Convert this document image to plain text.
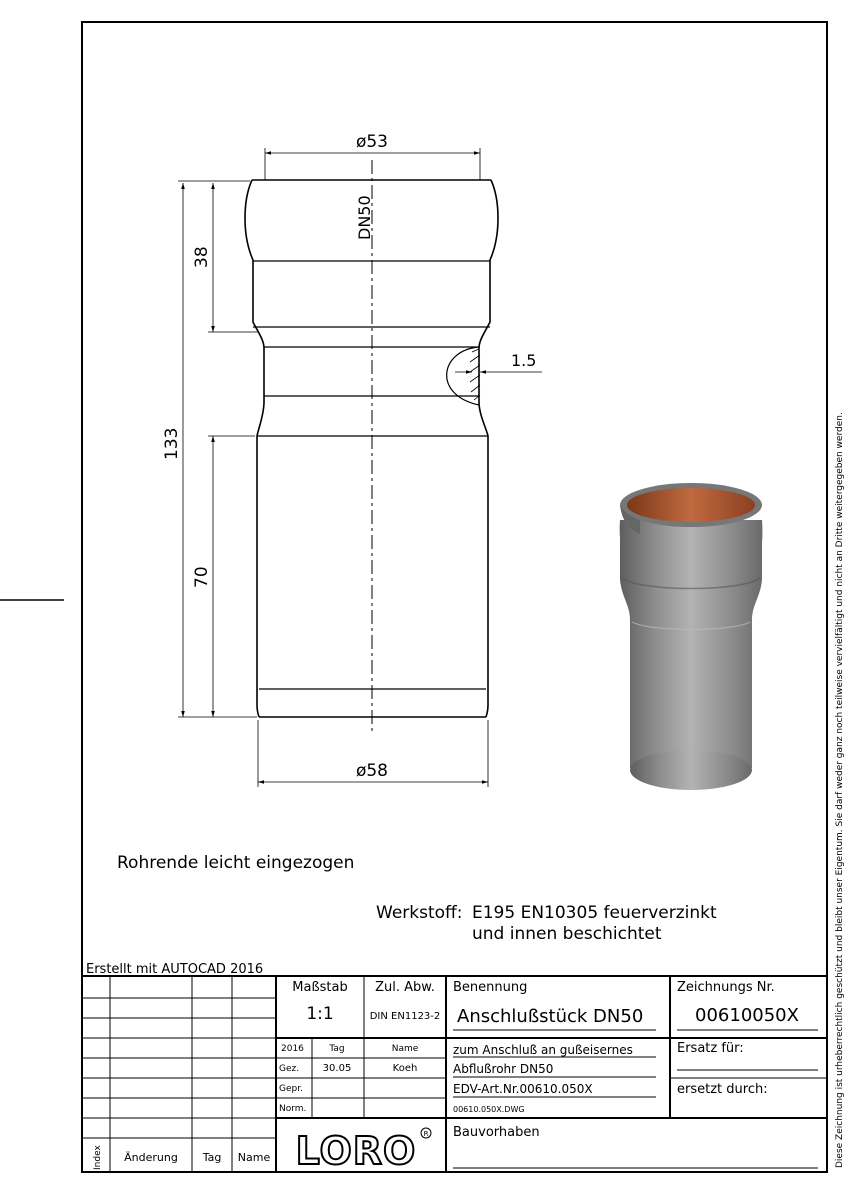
Diese Zeichnung ist urheberrechtlich geschützt und bleibt unser Eigentum. Sie darf weder ganz noch teilweise vervielfältigt und nicht an Dritte weitergegeben werden.
ø53
DN50
38
133
70
1.5
ø58
Rohrende leicht eingezogen
Werkstoff: E195 EN10305 feuerverzinkt
und innen beschichtet
Erstellt mit AUTOCAD 2016
Maßstab
1:1
Zul. Abw.
DIN EN1123-2
Benennung
Anschlußstück DN50
Zeichnungs Nr.
00610050X
2016	Tag	Name
Gez. 30.05	Koeh
Gepr.
Norm.
zum Anschluß an gußeisernes
Abflußrohr DN50
EDV-Art.Nr.00610.050X
00610.050X.DWG
Ersatz für:
ersetzt durch:
Bauvorhaben
Index Änderung Tag Name LORO R
